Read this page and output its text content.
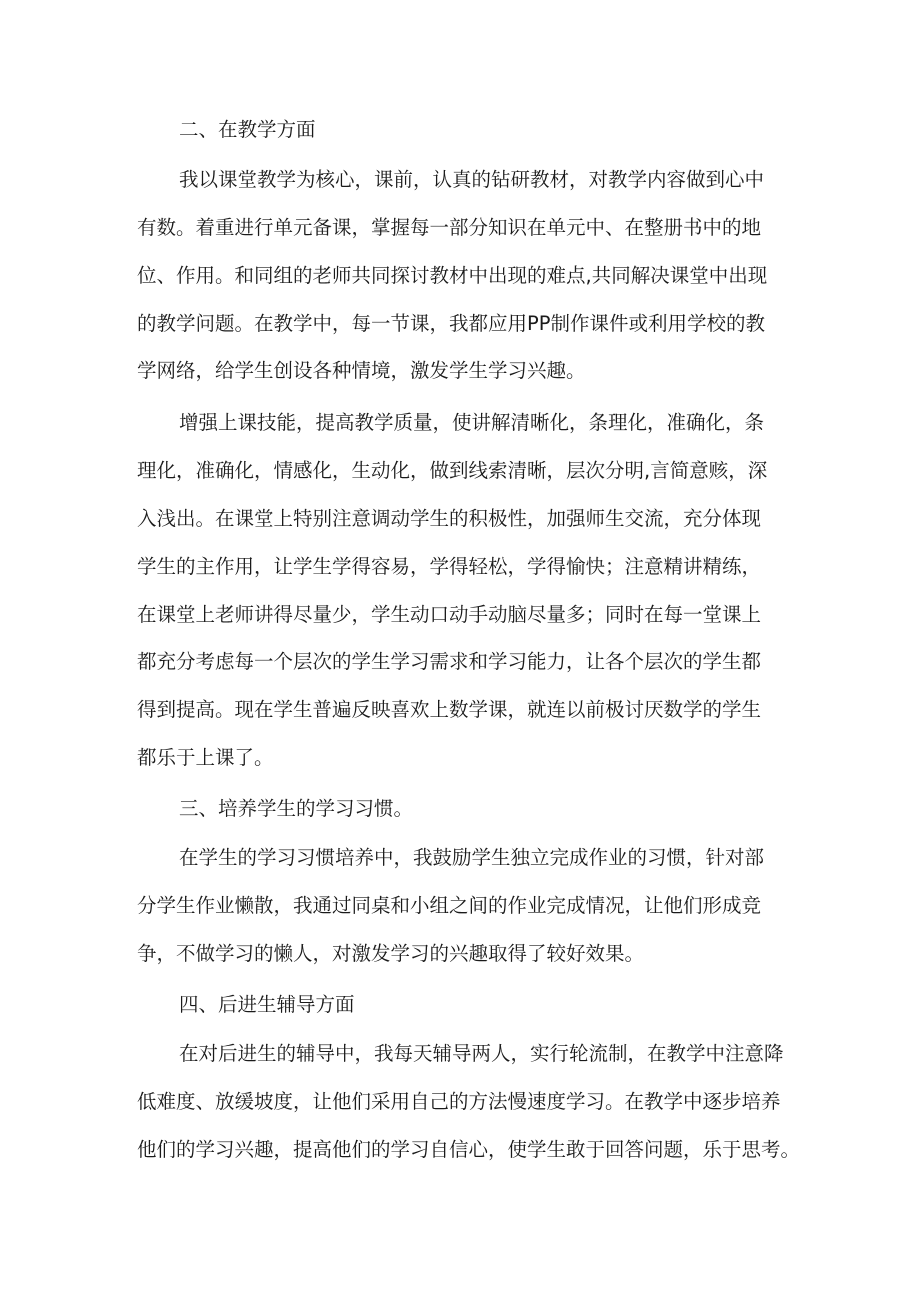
二、在教学方面
我以课堂教学为核心，课前，认真的钻研教材，对教学内容做到心中
有数。着重进行单元备课，掌握每一部分知识在单元中、在整册书中的地
位、作用。和同组的老师共同探讨教材中出现的难点,共同解决课堂中出现
的教学问题。在教学中，每一节课，我都应用PP制作课件或利用学校的教
学网络，给学生创设各种情境，激发学生学习兴趣。
增强上课技能，提高教学质量，使讲解清晰化，条理化，准确化，条
理化，准确化，情感化，生动化，做到线索清晰，层次分明,言简意赅，深
入浅出。在课堂上特别注意调动学生的积极性，加强师生交流，充分体现
学生的主作用，让学生学得容易，学得轻松，学得愉快；注意精讲精练，
在课堂上老师讲得尽量少，学生动口动手动脑尽量多；同时在每一堂课上
都充分考虑每一个层次的学生学习需求和学习能力，让各个层次的学生都
得到提高。现在学生普遍反映喜欢上数学课，就连以前极讨厌数学的学生
都乐于上课了。
三、培养学生的学习习惯。
在学生的学习习惯培养中，我鼓励学生独立完成作业的习惯，针对部
分学生作业懒散，我通过同桌和小组之间的作业完成情况，让他们形成竞
争，不做学习的懒人，对激发学习的兴趣取得了较好效果。
四、后进生辅导方面
在对后进生的辅导中，我每天辅导两人，实行轮流制，在教学中注意降
低难度、放缓坡度，让他们采用自己的方法慢速度学习。在教学中逐步培养
他们的学习兴趣，提高他们的学习自信心，使学生敢于回答问题，乐于思考。
